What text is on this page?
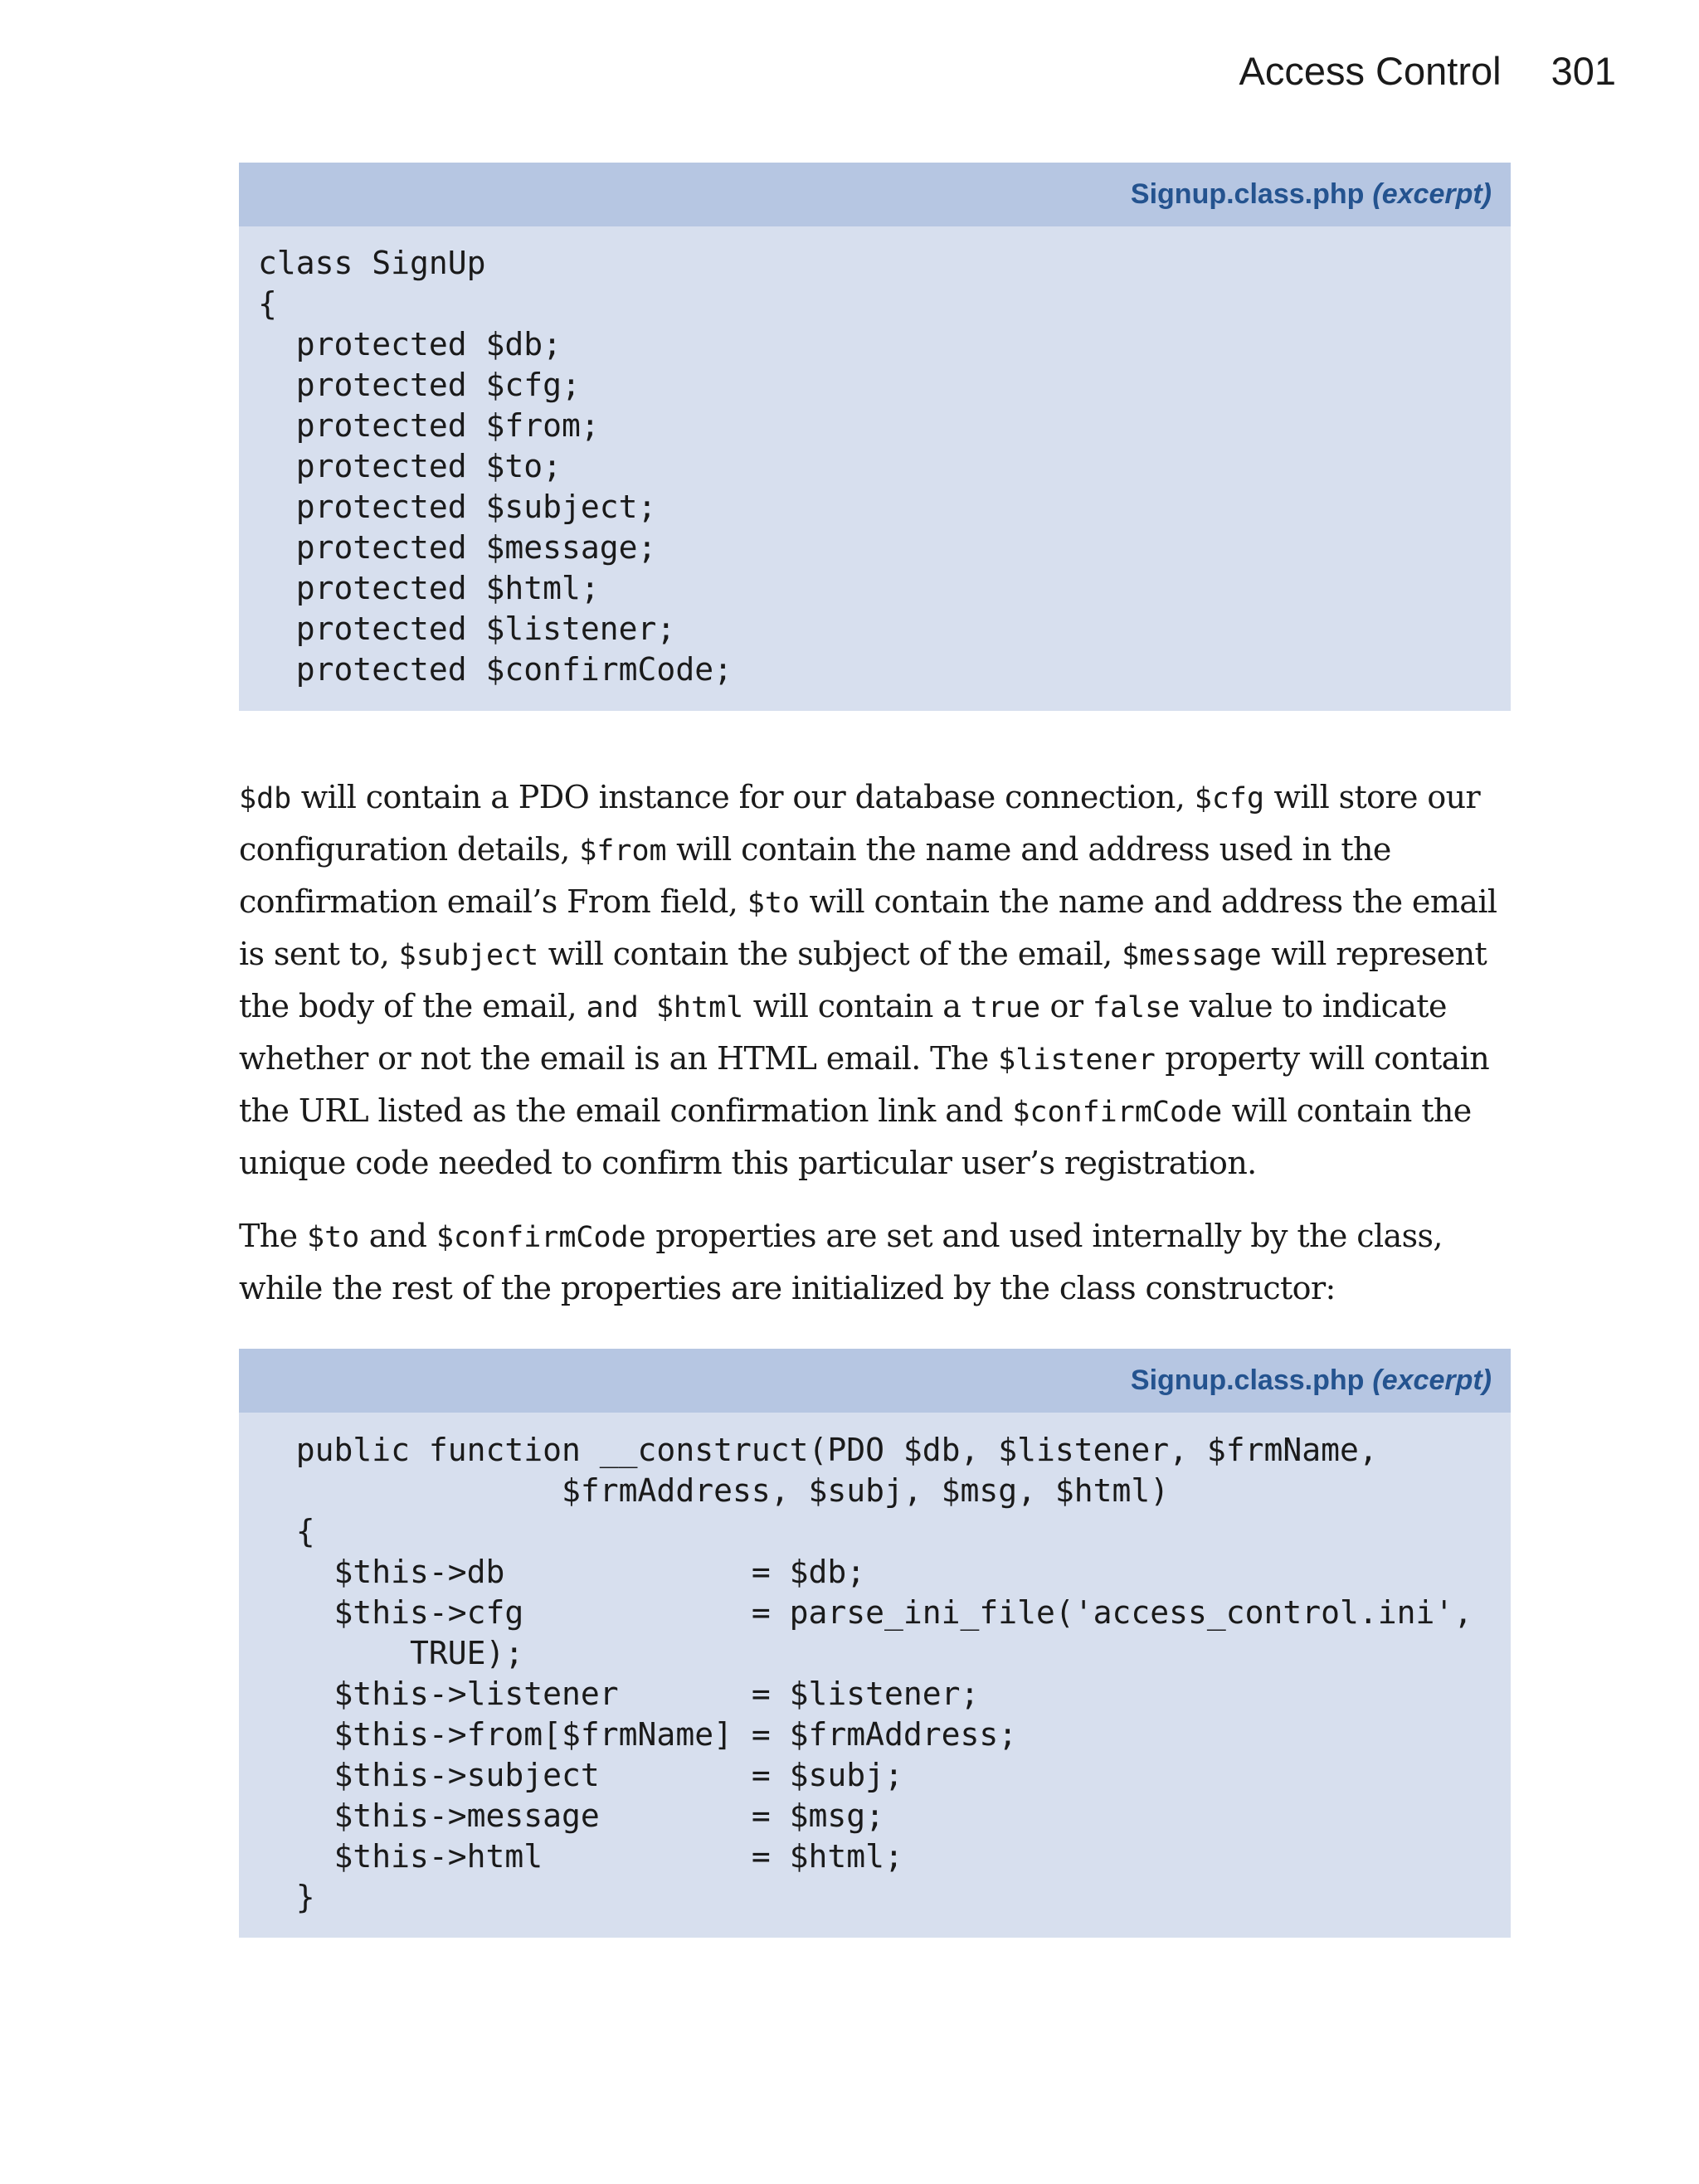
Access Control 301
Signup.class.php (excerpt)
class SignUp
{
protected $db;
protected $cfg;
protected $from;
protected $to;
protected $subject;
protected $message;
protected $html;
protected $listener;
protected $confirmCode;

$db will contain a PDO instance for our database connection, $cfg will store our configuration details, $from will contain the name and address used in the confirmation email’s From field, $to will contain the name and address the email is sent to, $subject will contain the subject of the email, $message will represent the body of the email, and $html will contain a true or false value to indicate whether or not the email is an HTML email. The $listener property will contain the URL listed as the email confirmation link and $confirmCode will contain the unique code needed to confirm this particular user’s registration.

The $to and $confirmCode properties are set and used internally by the class, while the rest of the properties are initialized by the class constructor:

Signup.class.php (excerpt)
public function __construct(PDO $db, $listener, $frmName,
$frmAddress, $subj, $msg, $html)
{
$this->db             = $db;
$this->cfg            = parse_ini_file('access_control.ini',
TRUE);
$this->listener       = $listener;
$this->from[$frmName] = $frmAddress;
$this->subject        = $subj;
$this->message        = $msg;
$this->html           = $html;
}
